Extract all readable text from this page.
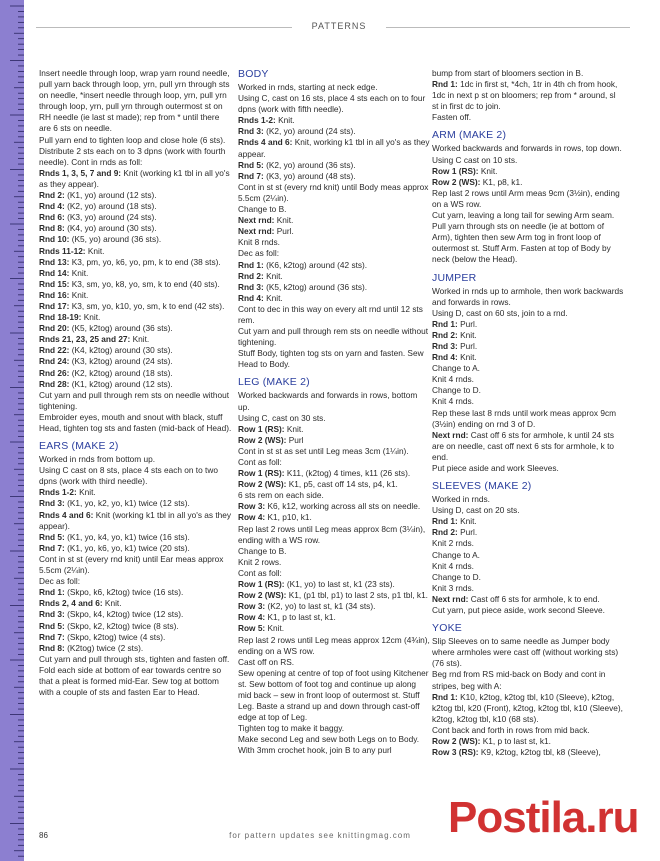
PATTERNS

Insert needle through loop, wrap yarn round needle, pull yarn back through loop, yrn, pull yrn through sts on needle, *insert needle through loop, yrn, pull yrn through loop, yrn, pull yrn through outermost st on RH needle (ie last st made); rep from * until there are 6 sts on needle.

Pull yarn end to tighten loop and close hole (6 sts).

Distribute 2 sts each on to 3 dpns (work with fourth needle). Cont in rnds as foll:

Rnds 1, 3, 5, 7 and 9: Knit (working k1 tbl in all yo's as they appear).

Rnd 2: (K1, yo) around (12 sts).

Rnd 4: (K2, yo) around (18 sts).

Rnd 6: (K3, yo) around (24 sts).

Rnd 8: (K4, yo) around (30 sts).

Rnd 10: (K5, yo) around (36 sts).

Rnds 11-12: Knit.

Rnd 13: K3, pm, yo, k6, yo, pm, k to end (38 sts).

Rnd 14: Knit.

Rnd 15: K3, sm, yo, k8, yo, sm, k to end (40 sts).

Rnd 16: Knit.

Rnd 17: K3, sm, yo, k10, yo, sm, k to end (42 sts).

Rnd 18-19: Knit.

Rnd 20: (K5, k2tog) around (36 sts).

Rnds 21, 23, 25 and 27: Knit.

Rnd 22: (K4, k2tog) around (30 sts).

Rnd 24: (K3, k2tog) around (24 sts).

Rnd 26: (K2, k2tog) around (18 sts).

Rnd 28: (K1, k2tog) around (12 sts).

Cut yarn and pull through rem sts on needle without tightening.

Embroider eyes, mouth and snout with black, stuff Head, tighten tog sts and fasten (mid-back of Head).

EARS (MAKE 2)

Worked in rnds from bottom up.

Using C cast on 8 sts, place 4 sts each on to two dpns (work with third needle).

Rnds 1-2: Knit.

Rnd 3: (K1, yo, k2, yo, k1) twice (12 sts).

Rnds 4 and 6: Knit (working k1 tbl in all yo's as they appear).

Rnd 5: (K1, yo, k4, yo, k1) twice (16 sts).

Rnd 7: (K1, yo, k6, yo, k1) twice (20 sts).

Cont in st st (every rnd knit) until Ear meas approx 5.5cm (2¼in).

Dec as foll:

Rnd 1: (Skpo, k6, k2tog) twice (16 sts).

Rnds 2, 4 and 6: Knit.

Rnd 3: (Skpo, k4, k2tog) twice (12 sts).

Rnd 5: (Skpo, k2, k2tog) twice (8 sts).

Rnd 7: (Skpo, k2tog) twice (4 sts).

Rnd 8: (K2tog) twice (2 sts).

Cut yarn and pull through sts, tighten and fasten off.

Fold each side at bottom of ear towards centre so that a pleat is formed mid-Ear. Sew tog at bottom with a couple of sts and fasten Ear to Head.

BODY

Worked in rnds, starting at neck edge.

Using C, cast on 16 sts, place 4 sts each on to four dpns (work with fifth needle).

Rnds 1-2: Knit.

Rnd 3: (K2, yo) around (24 sts).

Rnds 4 and 6: Knit, working k1 tbl in all yo's as they appear.

Rnd 5: (K2, yo) around (36 sts).

Rnd 7: (K3, yo) around (48 sts).

Cont in st st (every rnd knit) until Body meas approx 5.5cm (2¼in).

Change to B.

Next rnd: Knit.

Next rnd: Purl.

Knit 8 rnds.

Dec as foll:

Rnd 1: (K6, k2tog) around (42 sts).

Rnd 2: Knit.

Rnd 3: (K5, k2tog) around (36 sts).

Rnd 4: Knit.

Cont to dec in this way on every alt rnd until 12 sts rem.

Cut yarn and pull through rem sts on needle without tightening.

Stuff Body, tighten tog sts on yarn and fasten. Sew Head to Body.

LEG (MAKE 2)

Worked backwards and forwards in rows, bottom up.

Using C, cast on 30 sts.

Row 1 (RS): Knit.

Row 2 (WS): Purl

Cont in st st as set until Leg meas 3cm (1¼in).

Cont as foll:

Row 1 (RS): K11, (k2tog) 4 times, k11 (26 sts).

Row 2 (WS): K1, p5, cast off 14 sts, p4, k1.

6 sts rem on each side.

Row 3: K6, k12, working across all sts on needle.

Row 4: K1, p10, k1.

Rep last 2 rows until Leg meas approx 8cm (3¼in), ending with a WS row.

Change to B.

Knit 2 rows.

Cont as foll:

Row 1 (RS): (K1, yo) to last st, k1 (23 sts).

Row 2 (WS): K1, (p1 tbl, p1) to last 2 sts, p1 tbl, k1.

Row 3: (K2, yo) to last st, k1 (34 sts).

Row 4: K1, p to last st, k1.

Row 5: Knit.

Rep last 2 rows until Leg meas approx 12cm (4¾in), ending on a WS row.

Cast off on RS.

Sew opening at centre of top of foot using Kitchener st. Sew bottom of foot tog and continue up along mid back – sew in front loop of outermost st. Stuff Leg. Baste a strand up and down through cast-off edge at top of Leg.

Tighten tog to make it baggy.

Make second Leg and sew both Legs on to Body.

With 3mm crochet hook, join B to any purl

bump from start of bloomers section in B.

Rnd 1: 1dc in first st, *4ch, 1tr in 4th ch from hook, 1dc in next p st on bloomers; rep from * around, sl st in first dc to join.

Fasten off.

ARM (MAKE 2)

Worked backwards and forwards in rows, top down.

Using C cast on 10 sts.

Row 1 (RS): Knit.

Row 2 (WS): K1, p8, k1.

Rep last 2 rows until Arm meas 9cm (3½in), ending on a WS row.

Cut yarn, leaving a long tail for sewing Arm seam. Pull yarn through sts on needle (ie at bottom of Arm), tighten then sew Arm tog in front loop of outermost st. Stuff Arm. Fasten at top of Body by neck (below the Head).

JUMPER

Worked in rnds up to armhole, then work backwards and forwards in rows.

Using D, cast on 60 sts, join to a rnd.

Rnd 1: Purl.

Rnd 2: Knit.

Rnd 3: Purl.

Rnd 4: Knit.

Change to A.

Knit 4 rnds.

Change to D.

Knit 4 rnds.

Rep these last 8 rnds until work meas approx 9cm (3½in) ending on rnd 3 of D.

Next rnd: Cast off 6 sts for armhole, k until 24 sts are on needle, cast off next 6 sts for armhole, k to end.

Put piece aside and work Sleeves.

SLEEVES (MAKE 2)

Worked in rnds.

Using D, cast on 20 sts.

Rnd 1: Knit.

Rnd 2: Purl.

Knit 2 rnds.

Change to A.

Knit 4 rnds.

Change to D.

Knit 3 rnds.

Next rnd: Cast off 6 sts for armhole, k to end.

Cut yarn, put piece aside, work second Sleeve.

YOKE

Slip Sleeves on to same needle as Jumper body where armholes were cast off (without working sts) (76 sts).

Beg rnd from RS mid-back on Body and cont in stripes, beg with A:

Rnd 1: K10, k2tog, k2tog tbl, k10 (Sleeve), k2tog, k2tog tbl, k20 (Front), k2tog, k2tog tbl, k10 (Sleeve), k2tog, k2tog tbl, k10 (68 sts).

Cont back and forth in rows from mid back.

Row 2 (WS): K1, p to last st, k1.

Row 3 (RS): K9, k2tog, k2tog tbl, k8 (Sleeve),

86	for pattern updates see knittingmag.com Postila.ru
